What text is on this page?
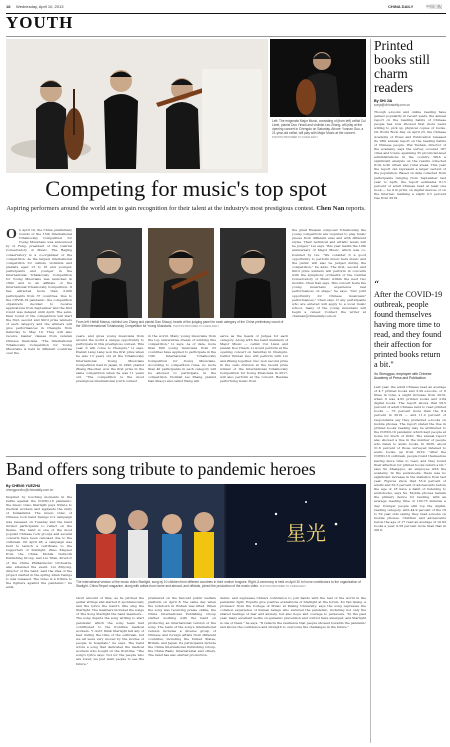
18 Wednesday, April 10, 2013	CHINA DAILY	中国日报
YOUTH
Left: The enigmatic Major Music, consisting of (from left) cellist Cui Liwei, pianist Dou Yinadi and violinist Leo Zhang, will play at the opening concert in Chengdu on Saturday. Above: Yunnan Guo, a 21-year-old cellist, will play with Major Music at the concert.
PHOTOS PROVIDED TO CHINA DAILY
Competing for music's top spot
Aspiring performers around the world aim to gain recognition for their talent at the industry's most prestigious contest. Chen Nan reports.

On April 19, the China preliminary rounds of the 15th International Tchaikovsky Competition for Young Musicians was announced by Li Feng, president of the Central Conservatory of Music. The Beijing conservatory is a co-organizer of the competition. As the largest international competition for cellists, violinists and pianists aged 13 to 16 and younger, participants and younger in the International Tchaikovsky Competition for Young Musicians was launched in 1992 and is an affiliate of the International Tchaikovsky Competition. It has attracted more than 2,000 participants from 37 countries. Due to the COVID-19 pandemic, the competition organizers decided to receive applications from September and the first round was delayed until April. The semi-final round of the competition will start the first, second and third prize winners of each category and the winners will give performances in Chengdu from Saturday to May 19. They will also receive master classes from veteran Chinese musicians. "The International Tchaikovsky Competition for Young Musicians is held in different countries over the

From left: Heikki Mansa, violinist Leo Zhang and pianist Dan Shaoyi, heads of the judging panel for each category of the China preliminary round of the 15th International Tchaikovsky Competition for Young Musicians. PHOTOS PROVIDED TO CHINA DAILY

years, and gives young musicians from around the world a unique opportunity to participate in this prestigious contest. This year, it will come to Chengdu," Li says. Pianist Lang Lang won the first prize when he was 13 years old at the Tchaikovsky International Young Musicians Competition held in Japan, in 1995, pianist Zhang Haochen won the first prize in the same competition when he was 11 years old. "The competition is the most prestigious international youth contest

in the world. Many young musicians from the top universities dream of winning this competition," Li says. As of date, more than 800 young musicians from 23 countries have applied to participate in the 15th International Tchaikovsky Competition for Young Musicians. According to competition rules, no more than 40 participants in each category will be allowed to participate in the competition. Violinist Leo Zhang, pianist Dan Shaoyi and cellist Wang will

serve as the heads of judges for each category. Along with the band members of Major Music — cellist Cui Liwei and pianist Dou Yinadi, Li would perform at the opening concert on Saturday in Chengdu. Cellist Yunnan Guo will perform with Liu and Zhang together. Guo won second prize in the cello division at the recent prize winner of the International Tchaikovsky Competition for Young Musicians in 2017, will also perform at the concert. Besides performing music from

the great Russian composer Tchaikovsky, the young competitors are required to play music pieces from different eras and with different styles. Their technical and artistic levels will be judged," Liu says. This year marks the 10th anniversary of Major Music, which was co-founded by Liu. "We consider it a good opportunity to perform music here music and the public will also be judged during the competition," he adds. The first, second and third prize winners will perform in concerts with the symphony orchestra of the Central Conservatory of Music within the next two months. Chen Nan says. This concert hosts the young musicians experience real performances on stage," he says. "Our joint opportunity for Chinese musicians" performances," Chen says. If any participants who are entered will apply to a local music school, many of the young musicians will begin a career. Contact the writer at chennan@chinadaily.com.cn

Band offers song tribute to pandemic heroes
By CHENG YUEZHU
chengyuezhu@chinadaily.com.cn

Inspired by touching moments in the battle against the COVID-19 pandemic, the music video Starlight pays tribute to medical workers and applauds the unity of humankind. The music video of Chinese rock band Tenngs lo's campaign was released on Tuesday and the band invited participants to reflect on the theme. The band is one of the most popular Chinese rock groups and several concerts have been canceled due to the outbreak. On April 28, a campaign was held to launch a certificate to the supporters of Starlight. Zhao Xingwei from the China Mobile Network Publishing Group, and Liu Yifan, director of the China Philharmonic Orchestra, also attended the event. Liu Zhiyong, director of the band, said the idea of the project started in the spring when Tenngs lo was released. The video is a tribute to the fighters against the pandemic," he adds.

星光
The international version of the music video Starlight, sung by 10 children from different countries in their mother tongues. Right: A ceremony is held on April 30 to honor contributors to the organization of Starlight. China Report magazine, along with artists from home and abroad, and officials, joined the production of the music video. PHOTOS PROVIDED TO CHINA DAILY

short amount of time, as he pitched the guitar strings and started it spontaneously and the lyrics the band's title sing the Starlight. The members included the songs of The Song Starlight the band members... The song depicts the song writing to start pandemic which the song team had contributed to the frontline medical workers. "I don't think Starlight felt any of fear during the time of the outbreak, but we all were very moved by the stories of people in hospitals," he says. The band wrote a song that dedicated the medical workers who fought on the frontline. "The song's lyrics says: Not for the people who are loved, we just want people to see the future,"

premiered on the Tencent public welfare platform on April 8, the same day when the lockdown in Wuhan was lifted. When the song was receiving praise online, the China International Publishing Group started working with the band on producing an international version of the song. The team of the song's international version includes a diverse group of Chinese and foreign artists from different countries, including the United States, Britain, and Japan. Its participants include the China International Publishing Group, the China Radio International and others. The band has also started production.

demic, and expresses China's confidence to join hands with the rest of the world in the pandemic fight. Experts give positive evaluations of Starlight at the forum. Xu Yan Qiang, a professor from the College of Music at Peking University, says the song expresses the common experience of human beings who endured the pandemic, including not only the shared feelings of fear and anxiety, but also hope and courage to persevere. "In the past year, many excellent works on epidemic prevention and control have emerged, and Starlight is one of them," he says. "It reflects the resilience that people showed towards the pandemic and shows the confidence and strength to overcome the challenges in the future."

Printed books still charm readers
By SHI JIA
sonja@chinadaily.com.cn

Though e-books and online reading have gained popularity in recent years, the annual report on the reading habits of Chinese people has now showed that more users willing to pick up physical copies of books. On World Book Day on April 23, the Chinese Academy of Press and Publication released its 18th annual report on the reading habits of Chinese people. Wei Yushan, director of the academy, says the survey covered 187 cities and towns, spanning 35 provincial-level administrations in the country. With a significant analysis on the results collected from both urban and rural areas. This year the report can represent a larger section of the population. Based on data collected from participants ranging from September last year to April, the report estimates 61.5 percent of adult Chinese read at least one book — be it in print, on digital devices or on the internet, marking a slight 0.5 percent rise from 2019.

“
After the COVID-19 outbreak, people found themselves having more time to read, and they found their affection for printed books return a bit."
Xu Shengguo, employee with Chinese Academy of Press and Publication

Last year, the adult Chinese read an average of 4.7 printed books and 3.29 e-books, or 8 titles in total, a slight increase from 2019, when it was 4.65 printed books and 2.84 digital books. The report shows that 59.5 percent of adult Chinese tend to read printed books — 70 percent more than the 8.4 percent in 2019 — and 11.2 percent of respondents say they preferred e-books on mobile phones. The report stated the rise in printed books reading may be attributed to the COVID-19 pandemic which kept people at home for much of 2020. The annual report also showed a rise in the number of people who listen to audio books. In 2020, about 31.6 percent of those surveyed listened to audio books, up from 2019. "After the COVID-19 outbreak, people found themselves having more time to read, and they found their affection for printed books return a bit," says Xu Shengguo, an employee with the academy. In the audiobooks, there was no significant increase in the statistics from last year. Figures show that 55.9 percent of adults and 55.3 percent of adolescents before the age of 18 have a habit of listening to audiobooks, says Xu. Mobile phones remain the primary device for reading, with an average reading time of 100.75 minutes a day. Younger people still top the digital-reading category, with 44.9 percent of the 18 to 59 year olds saying they read e-books on mobile phones. Children and adolescents below the age of 17 read an average of 10.93 books a year, 0.58 percent more than that in 2019.
